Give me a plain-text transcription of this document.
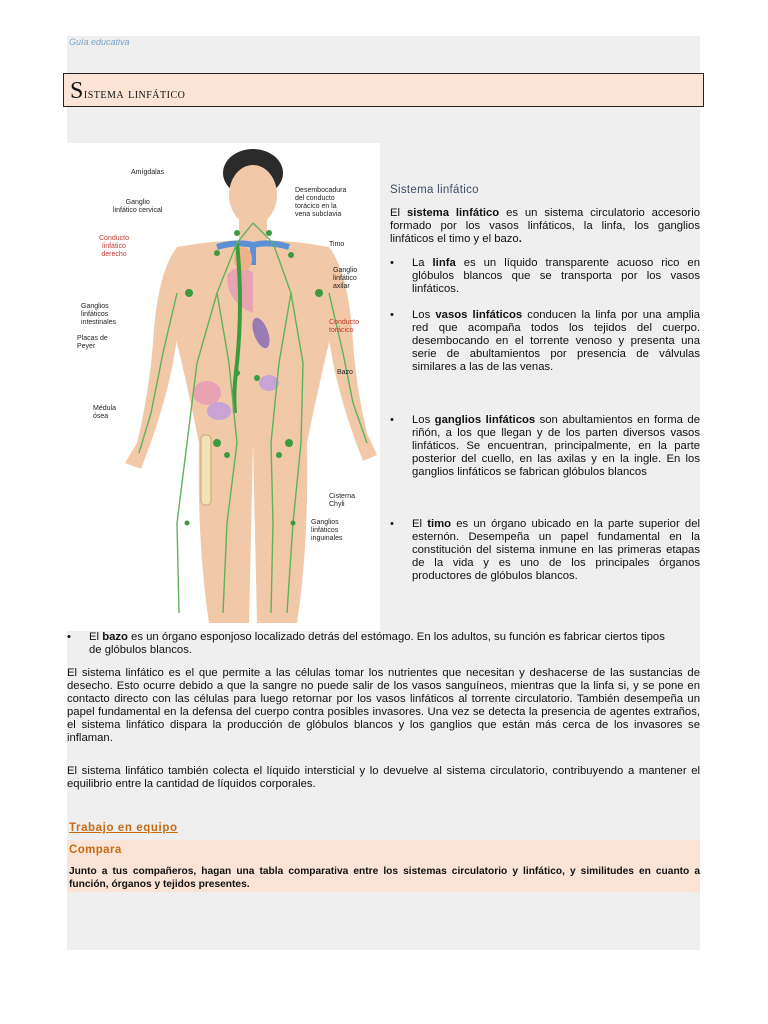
Guía educativa
Sistema linfático
Amígdalas
Ganglio
linfático cervical
Conducto
linfático
derecho
Desembocadura
del conducto
torácico en la
vena subclavia
Timo
Ganglio
linfático
axilar
Ganglios
linfáticos
intestinales
Placas de
Peyer
Conducto
torácico
Bazo
Médula
ósea
Cisterna
Chyli
Ganglios
linfáticos
inguinales
Sistema linfático

El sistema linfático es un sistema circulatorio accesorio formado por los vasos linfáticos, la linfa, los ganglios linfáticos el timo y el bazo.

• La linfa es un líquido transparente acuoso rico en glóbulos blancos que se transporta por los vasos linfáticos.
• Los vasos linfáticos conducen la linfa por una amplia red que acompaña todos los tejidos del cuerpo. desembocando en el torrente venoso y presenta una serie de abultamientos por presencia de válvulas similares a las de las venas.
• Los ganglios linfáticos son abultamientos en forma de riñón, a los que llegan y de los parten diversos vasos linfáticos. Se encuentran, principalmente, en la parte posterior del cuello, en las axilas y en la ingle. En los ganglios linfáticos se fabrican glóbulos blancos
• El timo es un órgano ubicado en la parte superior del esternón. Desempeña un papel fundamental en la constitución del sistema inmune en las primeras etapas de la vida y es uno de los principales órganos productores de glóbulos blancos.
• El bazo es un órgano esponjoso localizado detrás del estómago. En los adultos, su función es fabricar ciertos tipos de glóbulos blancos.

El sistema linfático es el que permite a las células tomar los nutrientes que necesitan y deshacerse de las sustancias de desecho. Esto ocurre debido a que la sangre no puede salir de los vasos sanguíneos, mientras que la linfa si, y se pone en contacto directo con las células para luego retornar por los vasos linfáticos al torrente circulatorio. También desempeña un papel fundamental en la defensa del cuerpo contra posibles invasores. Una vez se detecta la presencia de agentes extraños, el sistema linfático dispara la producción de glóbulos blancos y los ganglios que están más cerca de los invasores se inflaman.

El sistema linfático también colecta el líquido intersticial y lo devuelve al sistema circulatorio, contribuyendo a mantener el equilibrio entre la cantidad de líquidos corporales.

Trabajo en equipo
Compara
Junto a tus compañeros, hagan una tabla comparativa entre los sistemas circulatorio y linfático, y similitudes en cuanto a función, órganos y tejidos presentes.
